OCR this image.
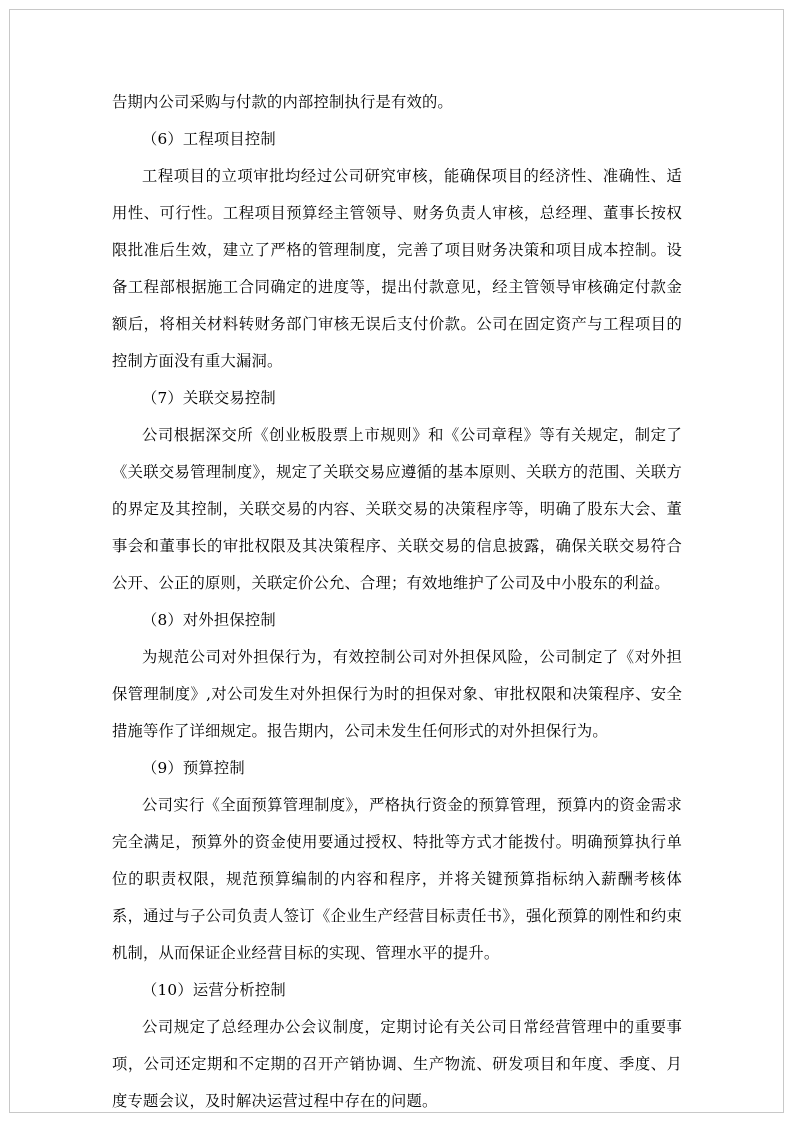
告期内公司采购与付款的内部控制执行是有效的。

（6）工程项目控制

工程项目的立项审批均经过公司研究审核，能确保项目的经济性、准确性、适用性、可行性。工程项目预算经主管领导、财务负责人审核，总经理、董事长按权限批准后生效，建立了严格的管理制度，完善了项目财务决策和项目成本控制。设备工程部根据施工合同确定的进度等，提出付款意见，经主管领导审核确定付款金额后，将相关材料转财务部门审核无误后支付价款。公司在固定资产与工程项目的控制方面没有重大漏洞。

（7）关联交易控制

公司根据深交所《创业板股票上市规则》和《公司章程》等有关规定，制定了《关联交易管理制度》，规定了关联交易应遵循的基本原则、关联方的范围、关联方的界定及其控制，关联交易的内容、关联交易的决策程序等，明确了股东大会、董事会和董事长的审批权限及其决策程序、关联交易的信息披露，确保关联交易符合公开、公正的原则，关联定价公允、合理；有效地维护了公司及中小股东的利益。

（8）对外担保控制

为规范公司对外担保行为，有效控制公司对外担保风险，公司制定了《对外担保管理制度》,对公司发生对外担保行为时的担保对象、审批权限和决策程序、安全措施等作了详细规定。报告期内，公司未发生任何形式的对外担保行为。

（9）预算控制

公司实行《全面预算管理制度》，严格执行资金的预算管理，预算内的资金需求完全满足，预算外的资金使用要通过授权、特批等方式才能拨付。明确预算执行单位的职责权限，规范预算编制的内容和程序，并将关键预算指标纳入薪酬考核体系，通过与子公司负责人签订《企业生产经营目标责任书》，强化预算的刚性和约束机制，从而保证企业经营目标的实现、管理水平的提升。

（10）运营分析控制

公司规定了总经理办公会议制度，定期讨论有关公司日常经营管理中的重要事项，公司还定期和不定期的召开产销协调、生产物流、研发项目和年度、季度、月度专题会议，及时解决运营过程中存在的问题。
